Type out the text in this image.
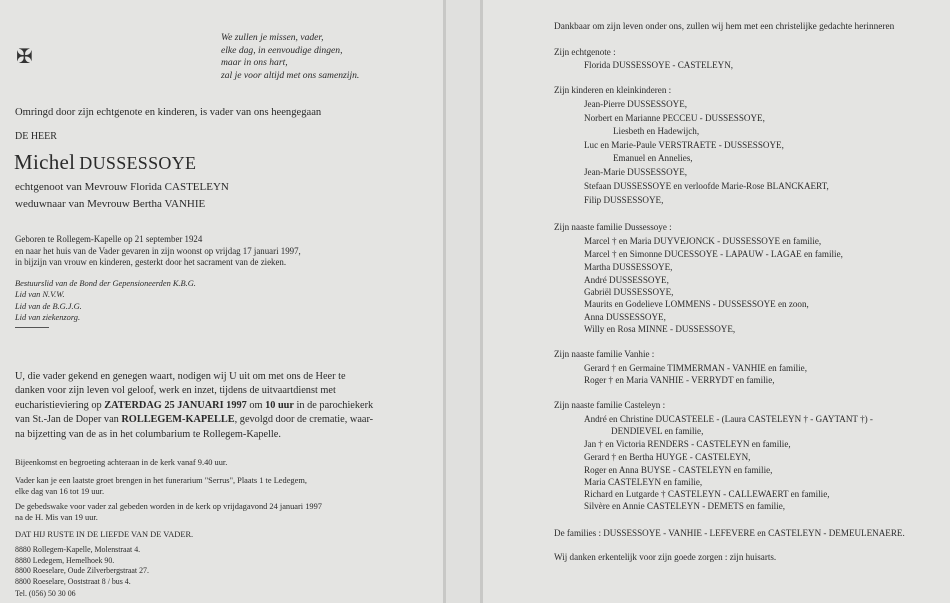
✠
We zullen je missen, vader,
elke dag, in eenvoudige dingen,
maar in ons hart,
zal je voor altijd met ons samenzijn.
Omringd door zijn echtgenote en kinderen, is vader van ons heengegaan
DE HEER
Michel DUSSESSOYE
echtgenoot van Mevrouw Florida CASTELEYN
weduwnaar van Mevrouw Bertha VANHIE
Geboren te Rollegem-Kapelle op 21 september 1924
en naar het huis van de Vader gevaren in zijn woonst op vrijdag 17 januari 1997,
in bijzijn van vrouw en kinderen, gesterkt door het sacrament van de zieken.
Bestuurslid van de Bond der Gepensioneerden K.B.G.
Lid van N.V.W.
Lid van de B.G.J.G.
Lid van ziekenzorg.
U, die vader gekend en genegen waart, nodigen wij U uit om met ons de Heer te
danken voor zijn leven vol geloof, werk en inzet, tijdens de uitvaartdienst met
eucharistieviering op ZATERDAG 25 JANUARI 1997 om 10 uur in de parochiekerk
van St.-Jan de Doper van ROLLEGEM-KAPELLE, gevolgd door de crematie, waar-
na bijzetting van de as in het columbarium te Rollegem-Kapelle.
Bijeenkomst en begroeting achteraan in de kerk vanaf 9.40 uur.
Vader kan je een laatste groet brengen in het funerarium "Serrus", Plaats 1 te Ledegem,
elke dag van 16 tot 19 uur.
De gebedswake voor vader zal gebeden worden in de kerk op vrijdagavond 24 januari 1997
na de H. Mis van 19 uur.
DAT HIJ RUSTE IN DE LIEFDE VAN DE VADER.
8880 Rollegem-Kapelle, Molenstraat 4.
8880 Ledegem, Hemelhoek 90.
8800 Roeselare, Oude Zilverbergstraat 27.
8800 Roeselare, Ooststraat 8 / bus 4.
Tel. (056) 50 30 06
Dankbaar om zijn leven onder ons, zullen wij hem met een christelijke gedachte herinneren
Zijn echtgenote :
Florida DUSSESSOYE - CASTELEYN,
Zijn kinderen en kleinkinderen :
Jean-Pierre DUSSESSOYE,
Norbert en Marianne PECCEU - DUSSESSOYE,
Liesbeth en Hadewijch,
Luc en Marie-Paule VERSTRAETE - DUSSESSOYE,
Emanuel en Annelies,
Jean-Marie DUSSESSOYE,
Stefaan DUSSESSOYE en verloofde Marie-Rose BLANCKAERT,
Filip DUSSESSOYE,
Zijn naaste familie Dussessoye :
Marcel † en Maria DUYVEJONCK - DUSSESSOYE en familie,
Marcel † en Simonne DUCESSOYE - LAPAUW - LAGAE en familie,
Martha DUSSESSOYE,
André DUSSESSOYE,
Gabriël DUSSESSOYE,
Maurits en Godelieve LOMMENS - DUSSESSOYE en zoon,
Anna DUSSESSOYE,
Willy en Rosa MINNE - DUSSESSOYE,
Zijn naaste familie Vanhie :
Gerard † en Germaine TIMMERMAN - VANHIE en familie,
Roger † en Maria VANHIE - VERRYDT en familie,
Zijn naaste familie Casteleyn :
André en Christine DUCASTEELE - (Laura CASTELEYN † - GAYTANT †) -
DENDIEVEL en familie,
Jan † en Victoria RENDERS - CASTELEYN en familie,
Gerard † en Bertha HUYGE - CASTELEYN,
Roger en Anna BUYSE - CASTELEYN en familie,
Maria CASTELEYN en familie,
Richard en Lutgarde † CASTELEYN - CALLEWAERT en familie,
Silvère en Annie CASTELEYN - DEMETS en familie,
De families : DUSSESSOYE - VANHIE - LEFEVERE en CASTELEYN - DEMEULENAERE.
Wij danken erkentelijk voor zijn goede zorgen : zijn huisarts.
